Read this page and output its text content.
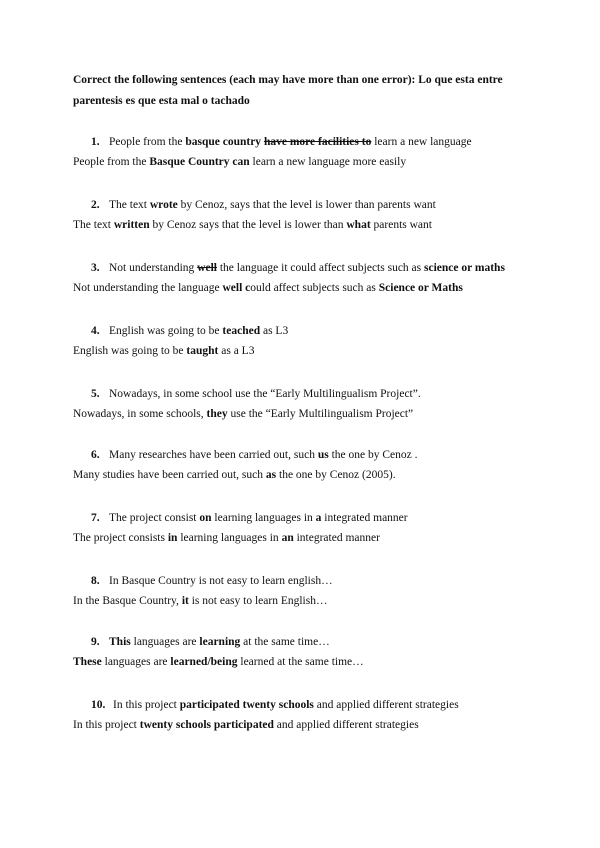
Correct the following sentences (each may have more than one error): Lo que esta entre parentesis es que esta mal o tachado
1. People from the basque country have more facilities to learn a new language
People from the Basque Country can learn a new language more easily
2. The text wrote by Cenoz, says that the level is lower than parents want
The text written by Cenoz says that the level is lower than what parents want
3. Not understanding well the language it could affect subjects such as science or maths
Not understanding the language well could affect subjects such as Science or Maths
4. English was going to be teached as L3
English was going to be taught as a L3
5. Nowadays, in some school use the “Early Multilingualism Project”.
Nowadays, in some schools, they use the “Early Multilingualism Project”
6. Many researches have been carried out, such us the one by Cenoz .
Many studies have been carried out, such as the one by Cenoz (2005).
7. The project consist on learning languages in a integrated manner
The project consists in learning languages in an integrated manner
8. In Basque Country is not easy to learn english…
In the Basque Country, it is not easy to learn English…
9. This languages are learning at the same time…
These languages are learned/being learned at the same time…
10. In this project participated twenty schools and applied different strategies
In this project twenty schools participated and applied different strategies
